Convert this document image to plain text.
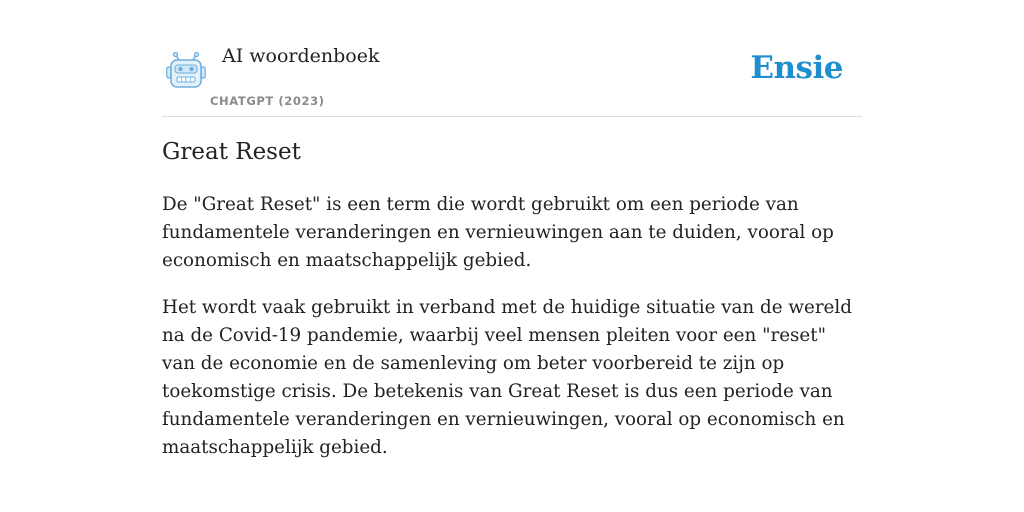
AI woordenboek
CHATGPT (2023)
Ensie
Great Reset

De "Great Reset" is een term die wordt gebruikt om een periode van fundamentele veranderingen en vernieuwingen aan te duiden, vooral op economisch en maatschappelijk gebied.

Het wordt vaak gebruikt in verband met de huidige situatie van de wereld na de Covid-19 pandemie, waarbij veel mensen pleiten voor een "reset" van de economie en de samenleving om beter voorbereid te zijn op toekomstige crisis. De betekenis van Great Reset is dus een periode van fundamentele veranderingen en vernieuwingen, vooral op economisch en maatschappelijk gebied.
